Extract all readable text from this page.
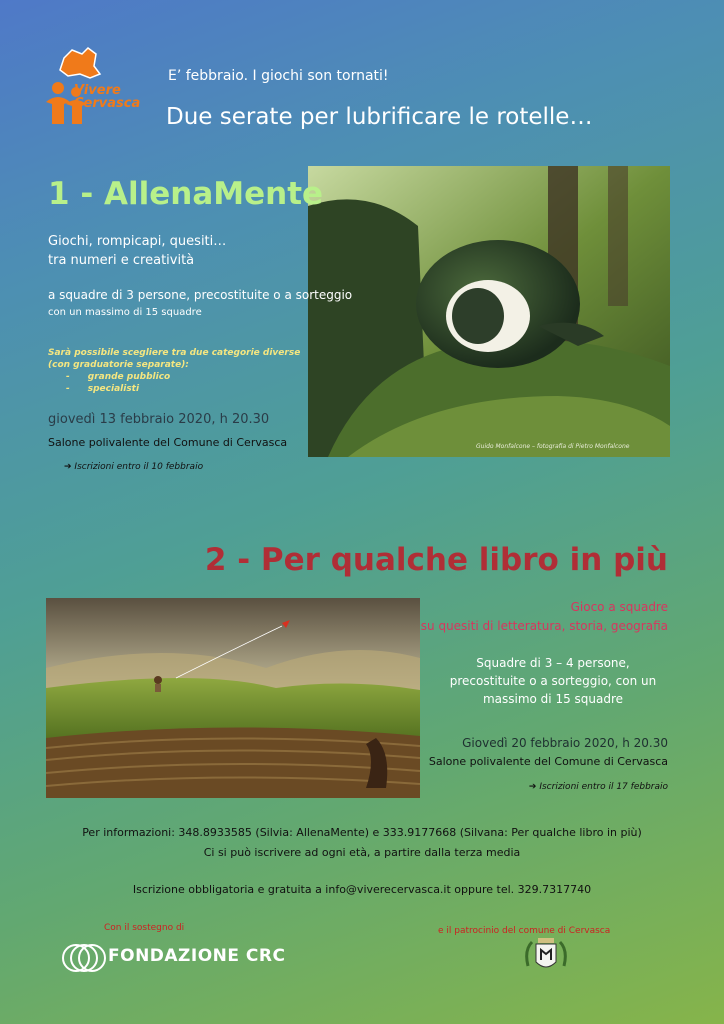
Vivere
Cervasca
E’ febbraio. I giochi son tornati!
Due serate per lubrificare le rotelle…
Guido Monfalcone – fotografia di Pietro Monfalcone
1 - AllenaMente
Giochi, rompicapi, quesiti…
tra numeri e creatività
a squadre di 3 persone, precostituite o a sorteggio
con un massimo di 15 squadre
Sarà possibile scegliere tra due categorie diverse
(con graduatorie separate):
- grande pubblico
- specialisti
giovedì 13 febbraio 2020, h 20.30
Salone polivalente del Comune di Cervasca
➔ Iscrizioni entro il 10 febbraio
2 - Per qualche libro in più
Gioco a squadre
su quesiti di letteratura, storia, geografia
Squadre di 3 – 4 persone,
precostituite o a sorteggio, con un
massimo di 15 squadre
Giovedì 20 febbraio 2020, h 20.30
Salone polivalente del Comune di Cervasca
➔ Iscrizioni entro il 17 febbraio
Per informazioni: 348.8933585 (Silvia: AllenaMente) e 333.9177668 (Silvana: Per qualche libro in più)
Ci si può iscrivere ad ogni età, a partire dalla terza media
Iscrizione obbligatoria e gratuita a info@viverecervasca.it oppure tel. 329.7317740
Con il sostegno di
FONDAZIONE CRC
e il patrocinio del comune di Cervasca
